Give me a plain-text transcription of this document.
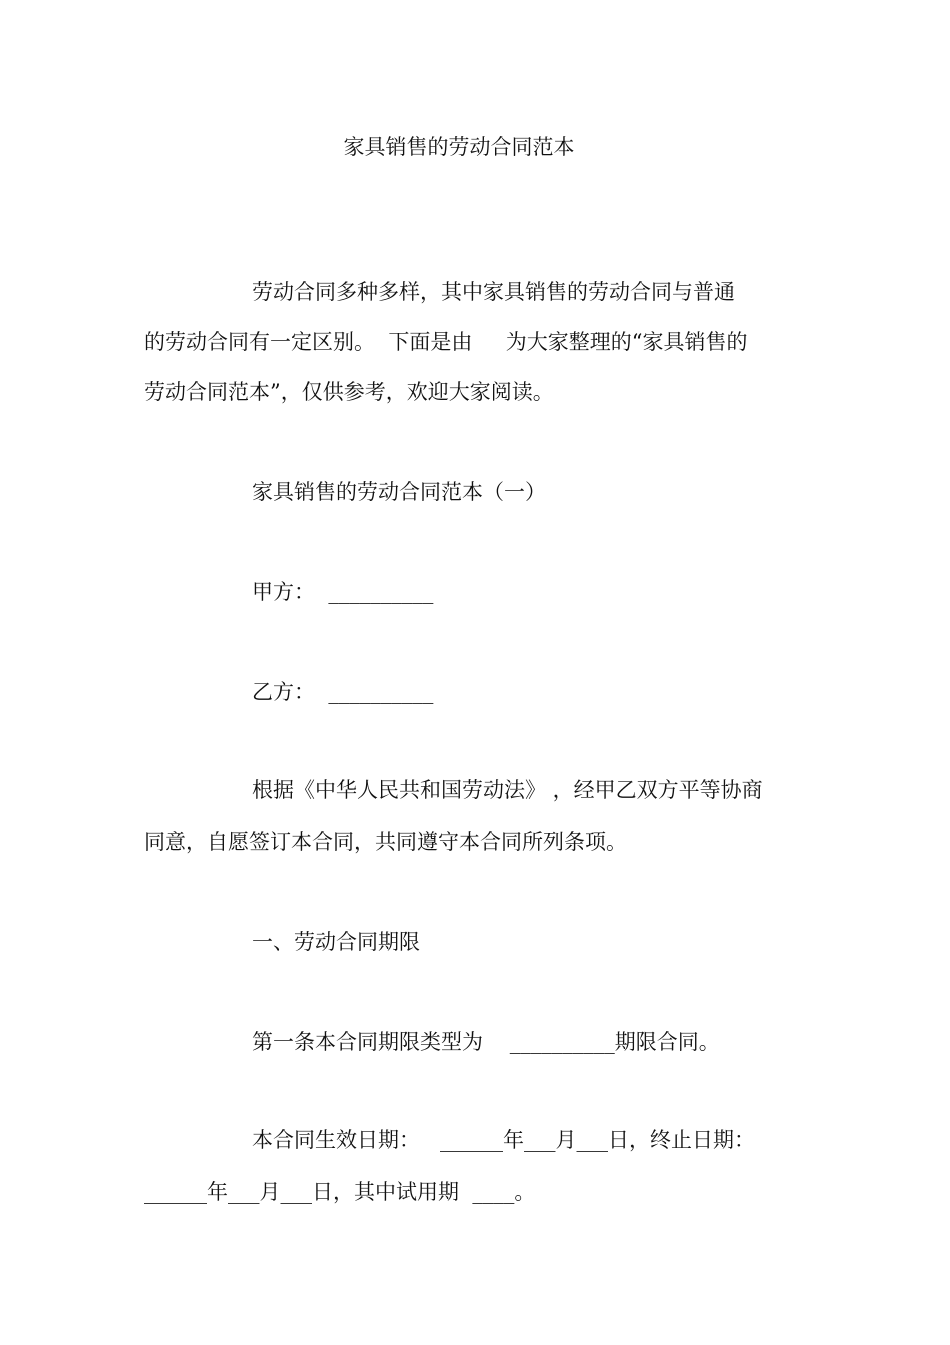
家具销售的劳动合同范本
劳动合同多种多样，其中家具销售的劳动合同与普通
的劳动合同有一定区别。  下面是由     为大家整理的“家具销售的
劳动合同范本”，仅供参考，欢迎大家阅读。
家具销售的劳动合同范本（一）
甲方：  __________
乙方：  __________
根据《中华人民共和国劳动法》 ，经甲乙双方平等协商
同意，自愿签订本合同，共同遵守本合同所列条项。
一、劳动合同期限
第一条本合同期限类型为    __________期限合同。
本合同生效日期：   ______年___月___日，终止日期：
______年___月___日，其中试用期  ____。
